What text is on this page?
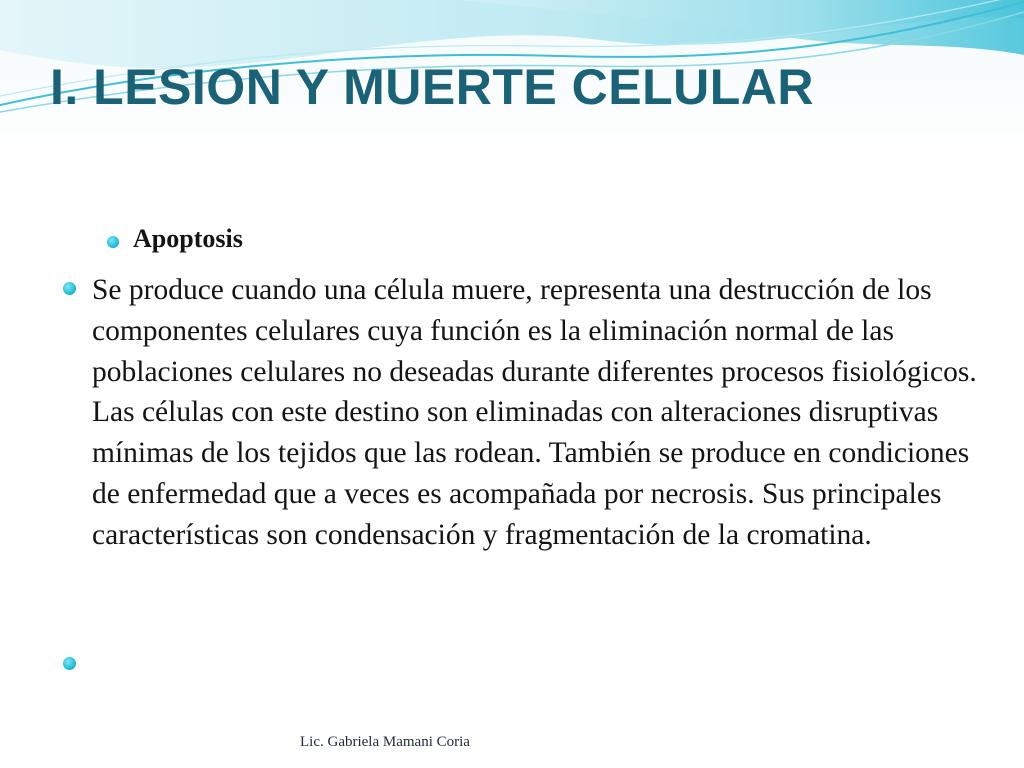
I. LESION Y MUERTE CELULAR
Apoptosis

Se produce cuando una célula muere, representa una destrucción de los componentes celulares cuya función es la eliminación normal de las poblaciones celulares no deseadas durante diferentes procesos fisiológicos. Las células con este destino son eliminadas con alteraciones disruptivas mínimas de los tejidos que las rodean. También se produce en condiciones de enfermedad que a veces es acompañada por necrosis. Sus principales características son condensación y fragmentación de la cromatina.

Lic. Gabriela Mamani Coria
